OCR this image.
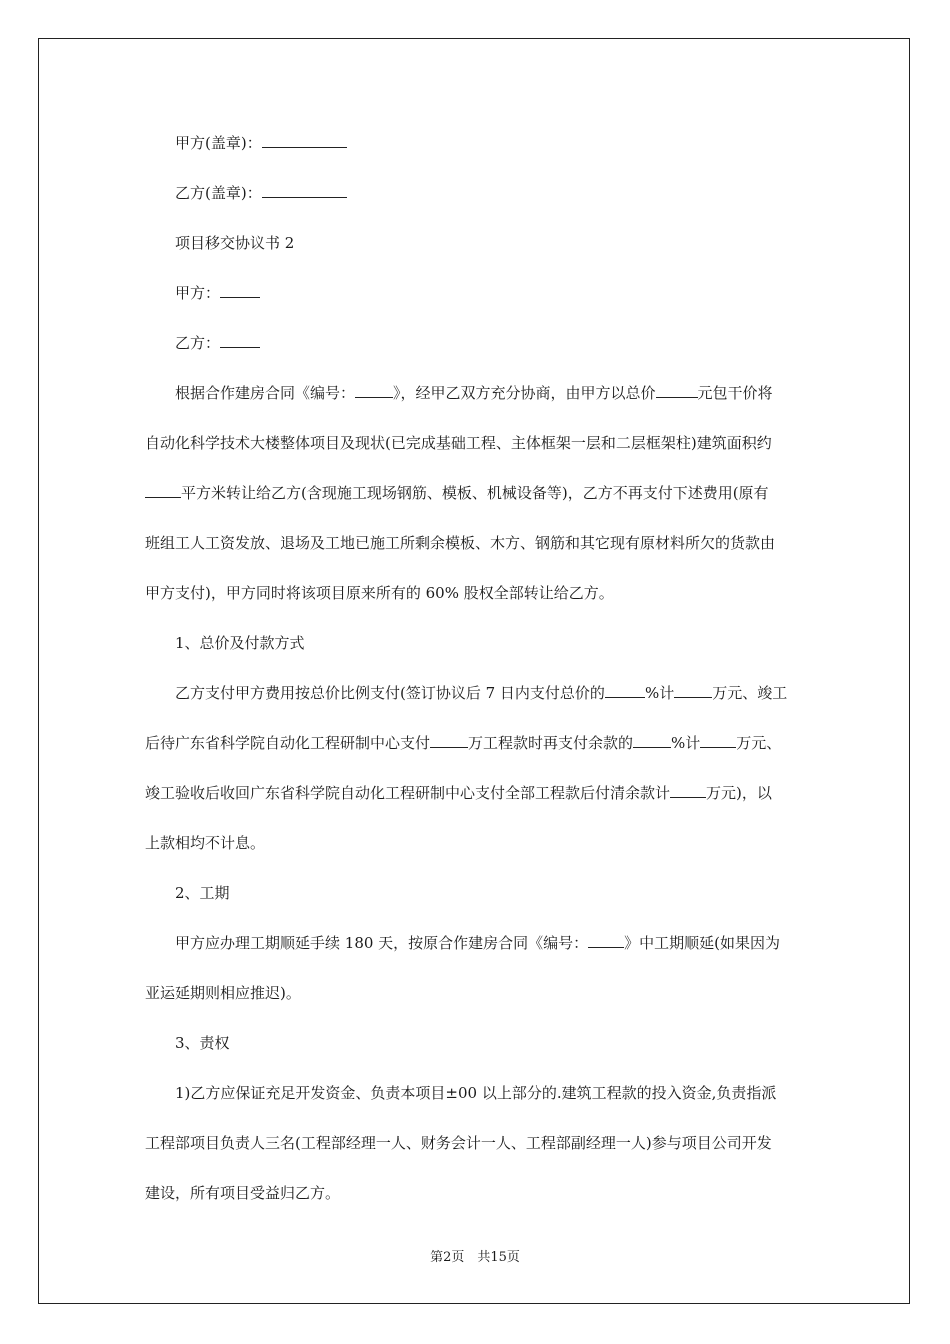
甲方(盖章)：
乙方(盖章)：
项目移交协议书 2
甲方：
乙方：
根据合作建房合同《编号：	》，经甲乙双方充分协商，由甲方以总价	元包干价将
自动化科学技术大楼整体项目及现状(已完成基础工程、主体框架一层和二层框架柱)建筑面积约
平方米转让给乙方(含现施工现场钢筋、模板、机械设备等)，乙方不再支付下述费用(原有
班组工人工资发放、退场及工地已施工所剩余模板、木方、钢筋和其它现有原材料所欠的货款由
甲方支付)，甲方同时将该项目原来所有的 60% 股权全部转让给乙方。
1、总价及付款方式
乙方支付甲方费用按总价比例支付(签订协议后 7 日内支付总价的	%计	万元、竣工
后待广东省科学院自动化工程研制中心支付	万工程款时再支付余款的	%计 万元、
竣工验收后收回广东省科学院自动化工程研制中心支付全部工程款后付清余款计 万元)，以
上款相均不计息。
2、工期
甲方应办理工期顺延手续 180 天，按原合作建房合同《编号： 》中工期顺延(如果因为
亚运延期则相应推迟)。
3、责权
1)乙方应保证充足开发资金、负责本项目±00 以上部分的.建筑工程款的投入资金,负责指派
工程部项目负责人三名(工程部经理一人、财务会计一人、工程部副经理一人)参与项目公司开发
建设，所有项目受益归乙方。
第2页　共15页
